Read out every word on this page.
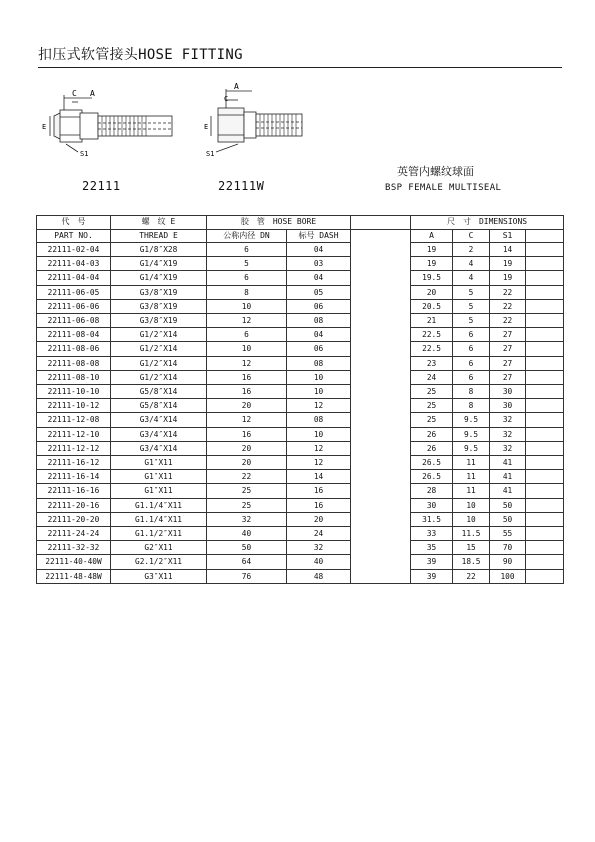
扣压式软管接头HOSE FITTING
C A
E
S1
C
A
E
S1
22111	22111W
英管内螺纹球面
BSP FEMALE MULTISEAL
代　号	螺　纹 E	胶　管　HOSE BORE			尺　寸　DIMENSIONS			
PART NO.	THREAD E	公称内径 DN	标号 DASH		A	C	S1	
22111-02-04	G1/8″X28	6	04		19	2	14	
22111-04-03	G1/4″X19	5	03		19	4	19	
22111-04-04	G1/4″X19	6	04		19.5	4	19	
22111-06-05	G3/8″X19	8	05		20	5	22	
22111-06-06	G3/8″X19	10	06		20.5	5	22	
22111-06-08	G3/8″X19	12	08		21	5	22	
22111-08-04	G1/2″X14	6	04		22.5	6	27	
22111-08-06	G1/2″X14	10	06		22.5	6	27	
22111-08-08	G1/2″X14	12	08		23	6	27	
22111-08-10	G1/2″X14	16	10		24	6	27	
22111-10-10	G5/8″X14	16	10		25	8	30	
22111-10-12	G5/8″X14	20	12		25	8	30	
22111-12-08	G3/4″X14	12	08		25	9.5	32	
22111-12-10	G3/4″X14	16	10		26	9.5	32	
22111-12-12	G3/4″X14	20	12		26	9.5	32	
22111-16-12	G1″X11	20	12		26.5	11	41	
22111-16-14	G1″X11	22	14		26.5	11	41	
22111-16-16	G1″X11	25	16		28	11	41	
22111-20-16	G1.1/4″X11	25	16		30	10	50	
22111-20-20	G1.1/4″X11	32	20		31.5	10	50	
22111-24-24	G1.1/2″X11	40	24		33	11.5	55	
22111-32-32	G2″X11	50	32		35	15	70	
22111-40-40W	G2.1/2″X11	64	40		39	18.5	90	
22111-48-48W	G3″X11	76	48		39	22	100	
